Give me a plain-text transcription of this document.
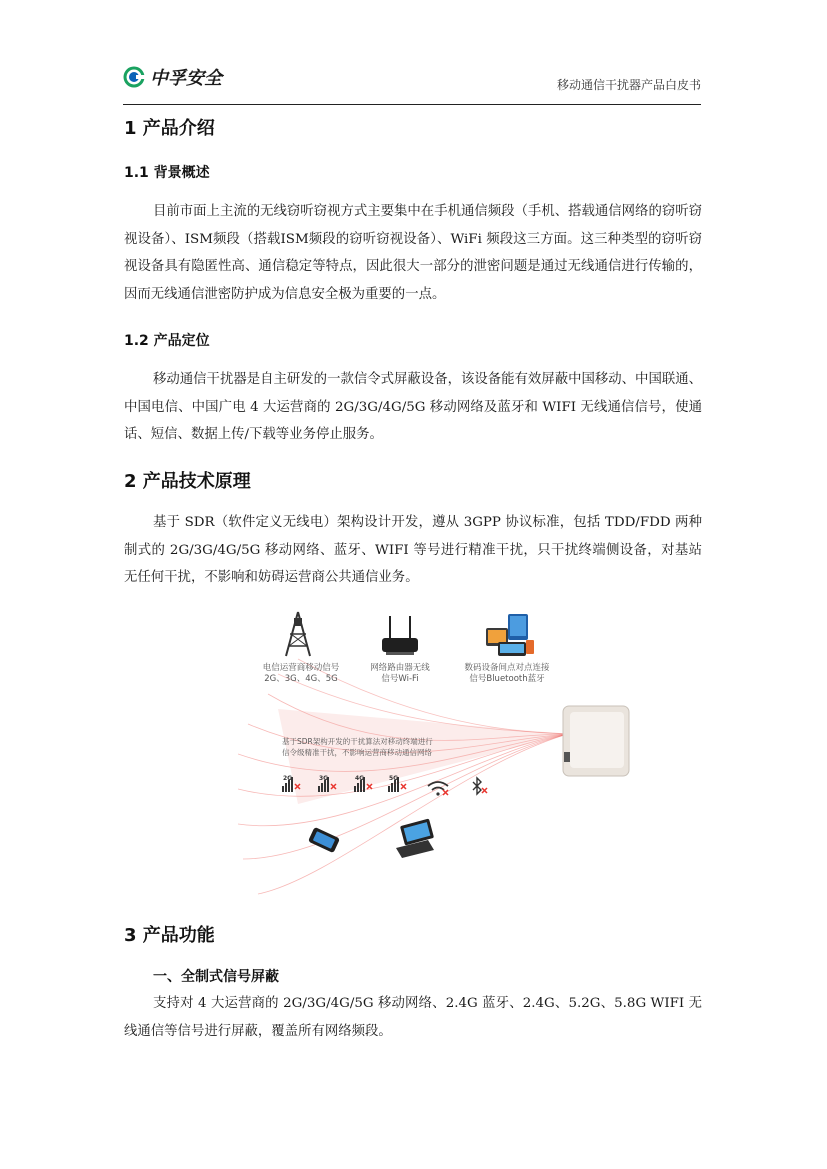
中孚安全	移动通信干扰器产品白皮书
1 产品介绍
1.1 背景概述

目前市面上主流的无线窃听窃视方式主要集中在手机通信频段（手机、搭载通信网络的窃听窃视设备）、ISM频段（搭载ISM频段的窃听窃视设备）、WiFi 频段这三方面。这三种类型的窃听窃视设备具有隐匿性高、通信稳定等特点，因此很大一部分的泄密问题是通过无线通信进行传输的，因而无线通信泄密防护成为信息安全极为重要的一点。

1.2 产品定位

移动通信干扰器是自主研发的一款信令式屏蔽设备，该设备能有效屏蔽中国移动、中国联通、中国电信、中国广电 4 大运营商的 2G/3G/4G/5G 移动网络及蓝牙和 WIFI 无线通信信号，使通话、短信、数据上传/下载等业务停止服务。

2 产品技术原理

基于 SDR（软件定义无线电）架构设计开发，遵从 3GPP 协议标准，包括 TDD/FDD 两种制式的 2G/3G/4G/5G 移动网络、蓝牙、WIFI 等号进行精准干扰，只干扰终端侧设备，对基站无任何干扰，不影响和妨碍运营商公共通信业务。

2G	3G	4G	5G
电信运营商移动信号
2G、3G、4G、5G
网络路由器无线
信号Wi-Fi
数码设备间点对点连接
信号Bluetooth蓝牙
基于SDR架构开发的干扰算法对移动终端进行
信令级精准干扰，不影响运营商移动通信网络
3 产品功能
一、全制式信号屏蔽

支持对 4 大运营商的 2G/3G/4G/5G 移动网络、2.4G 蓝牙、2.4G、5.2G、5.8G WIFI 无线通信等信号进行屏蔽，覆盖所有网络频段。
